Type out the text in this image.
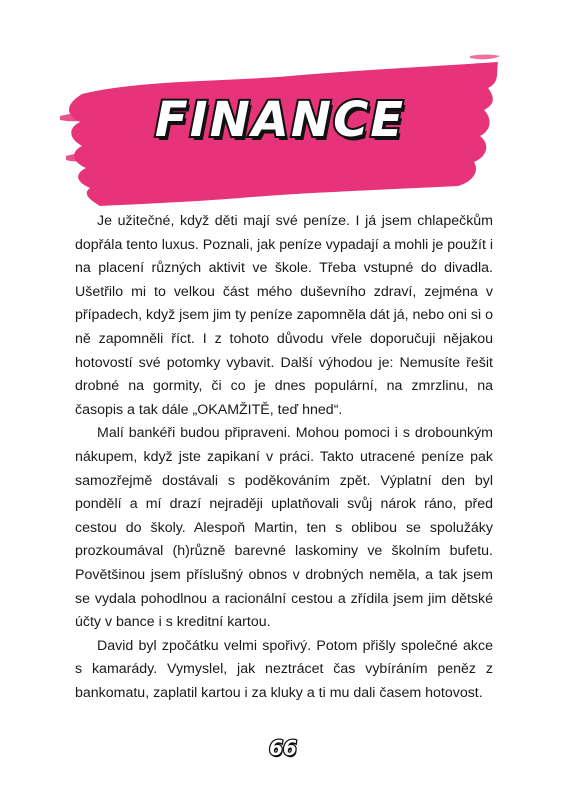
FINANCE

Je užitečné, když děti mají své peníze. I já jsem chlapečkům dopřála tento luxus. Poznali, jak peníze vypadají a mohli je použít i na placení různých aktivit ve škole. Třeba vstupné do divadla. Ušetřilo mi to velkou část mého duševního zdraví, zejména v případech, když jsem jim ty peníze zapomněla dát já, nebo oni si o ně zapomněli říct. I z tohoto důvodu vřele doporučuji nějakou hotovostí své potomky vybavit. Další výhodou je: Nemusíte řešit drobné na gormity, či co je dnes populární, na zmrzlinu, na časopis a tak dále „OKAMŽITĚ, teď hned“.

Malí bankéři budou připraveni. Mohou pomoci i s drobounkým nákupem, když jste zapikaní v práci. Takto utracené peníze pak samozřejmě dostávali s poděkováním zpět. Výplatní den byl pondělí a mí drazí nejraději uplatňovali svůj nárok ráno, před cestou do školy. Alespoň Martin, ten s oblibou se spolužáky prozkoumával (h)různě barevné laskominy ve školním bufetu. Povětšinou jsem příslušný obnos v drobných neměla, a tak jsem se vydala pohodlnou a racionální cestou a zřídila jsem jim dětské účty v bance i s kreditní kartou.

David byl zpočátku velmi spořivý. Potom přišly společné akce s kamarády. Vymyslel, jak neztrácet čas vybíráním peněz z bankomatu, zaplatil kartou i za kluky a ti mu dali časem hotovost.

66
